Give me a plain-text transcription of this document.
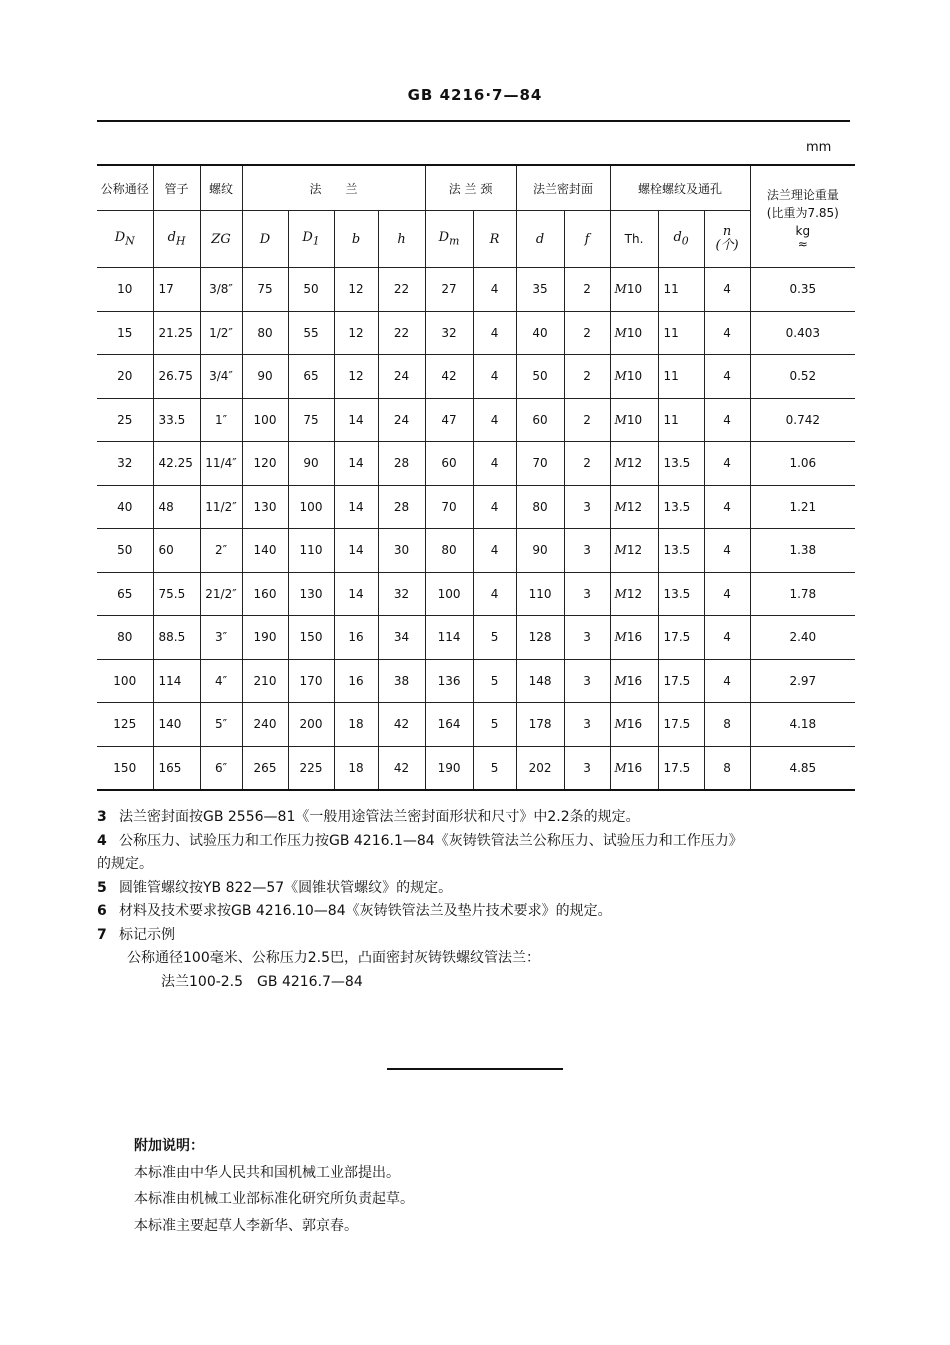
GB 4216·7—84
mm
公称通径	管子	螺纹	法　　兰				法 兰 颈		法兰密封面		螺栓螺纹及通孔			法兰理论重量
(比重为7.85)
kg
≈

$D_N$	$d_H$	ZG	D	$D_1$	b	h	$D_m$	R	d	f	Th.	$d_0$	n
(个)	

10	17	3/8″	75	50	12	22	27	4	35	2	M10	11	4	0.35
15	21.25	1/2″	80	55	12	22	32	4	40	2	M10	11	4	0.403
20	26.75	3/4″	90	65	12	24	42	4	50	2	M10	11	4	0.52
25	33.5	1″	100	75	14	24	47	4	60	2	M10	11	4	0.742
32	42.25	11/4″	120	90	14	28	60	4	70	2	M12	13.5	4	1.06
40	48	11/2″	130	100	14	28	70	4	80	3	M12	13.5	4	1.21
50	60	2″	140	110	14	30	80	4	90	3	M12	13.5	4	1.38
65	75.5	21/2″	160	130	14	32	100	4	110	3	M12	13.5	4	1.78
80	88.5	3″	190	150	16	34	114	5	128	3	M16	17.5	4	2.40
100	114	4″	210	170	16	38	136	5	148	3	M16	17.5	4	2.97
125	140	5″	240	200	18	42	164	5	178	3	M16	17.5	8	4.18
150	165	6″	265	225	18	42	190	5	202	3	M16	17.5	8	4.85
3 法兰密封面按GB 2556—81《一般用途管法兰密封面形状和尺寸》中2.2条的规定。
4 公称压力、试验压力和工作压力按GB 4216.1—84《灰铸铁管法兰公称压力、试验压力和工作压力》
的规定。
5 圆锥管螺纹按YB 822—57《圆锥状管螺纹》的规定。
6 材料及技术要求按GB 4216.10—84《灰铸铁管法兰及垫片技术要求》的规定。
7 标记示例
公称通径100毫米、公称压力2.5巴，凸面密封灰铸铁螺纹管法兰：
法兰100-2.5　GB 4216.7—84
附加说明：
本标准由中华人民共和国机械工业部提出。
本标准由机械工业部标准化研究所负责起草。
本标准主要起草人李新华、郭京春。
